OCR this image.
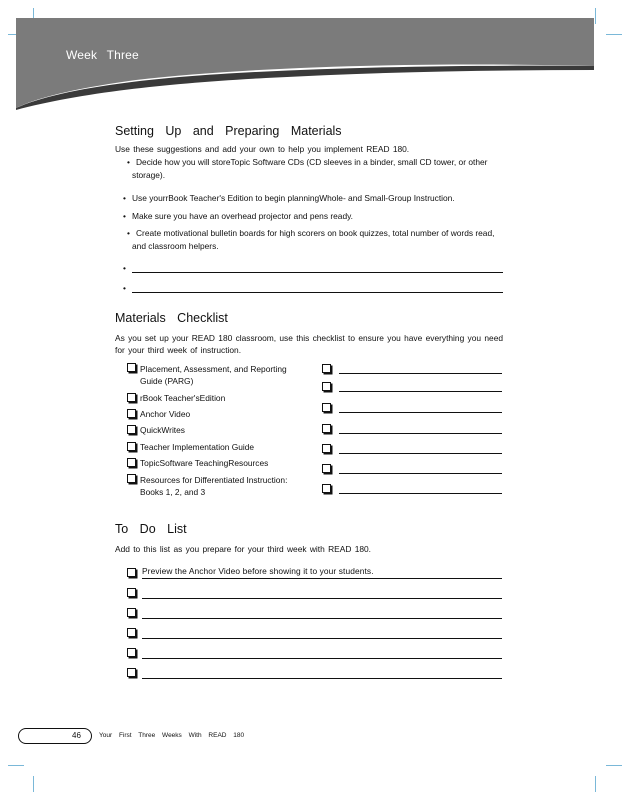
Week Three
Setting Up and Preparing Materials
Use these suggestions and add your own to help you implement READ 180.
• Decide how you will storeTopic Software CDs (CD sleeves in a binder, small CD tower, or other storage).
• Use yourrBook Teacher's Edition to begin planningWhole- and Small-Group Instruction.
• Make sure you have an overhead projector and pens ready.
• Create motivational bulletin boards for high scorers on book quizzes, total number of words read, and classroom helpers.
•
•
Materials Checklist
As you set up your READ 180 classroom, use this checklist to ensure you have everything you need for your third week of instruction.
Placement, Assessment, and Reporting Guide (PARG)
rBook Teacher'sEdition
Anchor Video
QuickWrites
Teacher Implementation Guide
TopicSoftware TeachingResources
Resources for Differentiated Instruction: Books 1, 2, and 3
To Do List
Add to this list as you prepare for your third week with READ 180.
Preview the Anchor Video before showing it to your students.
46	Your First Three Weeks With READ 180
